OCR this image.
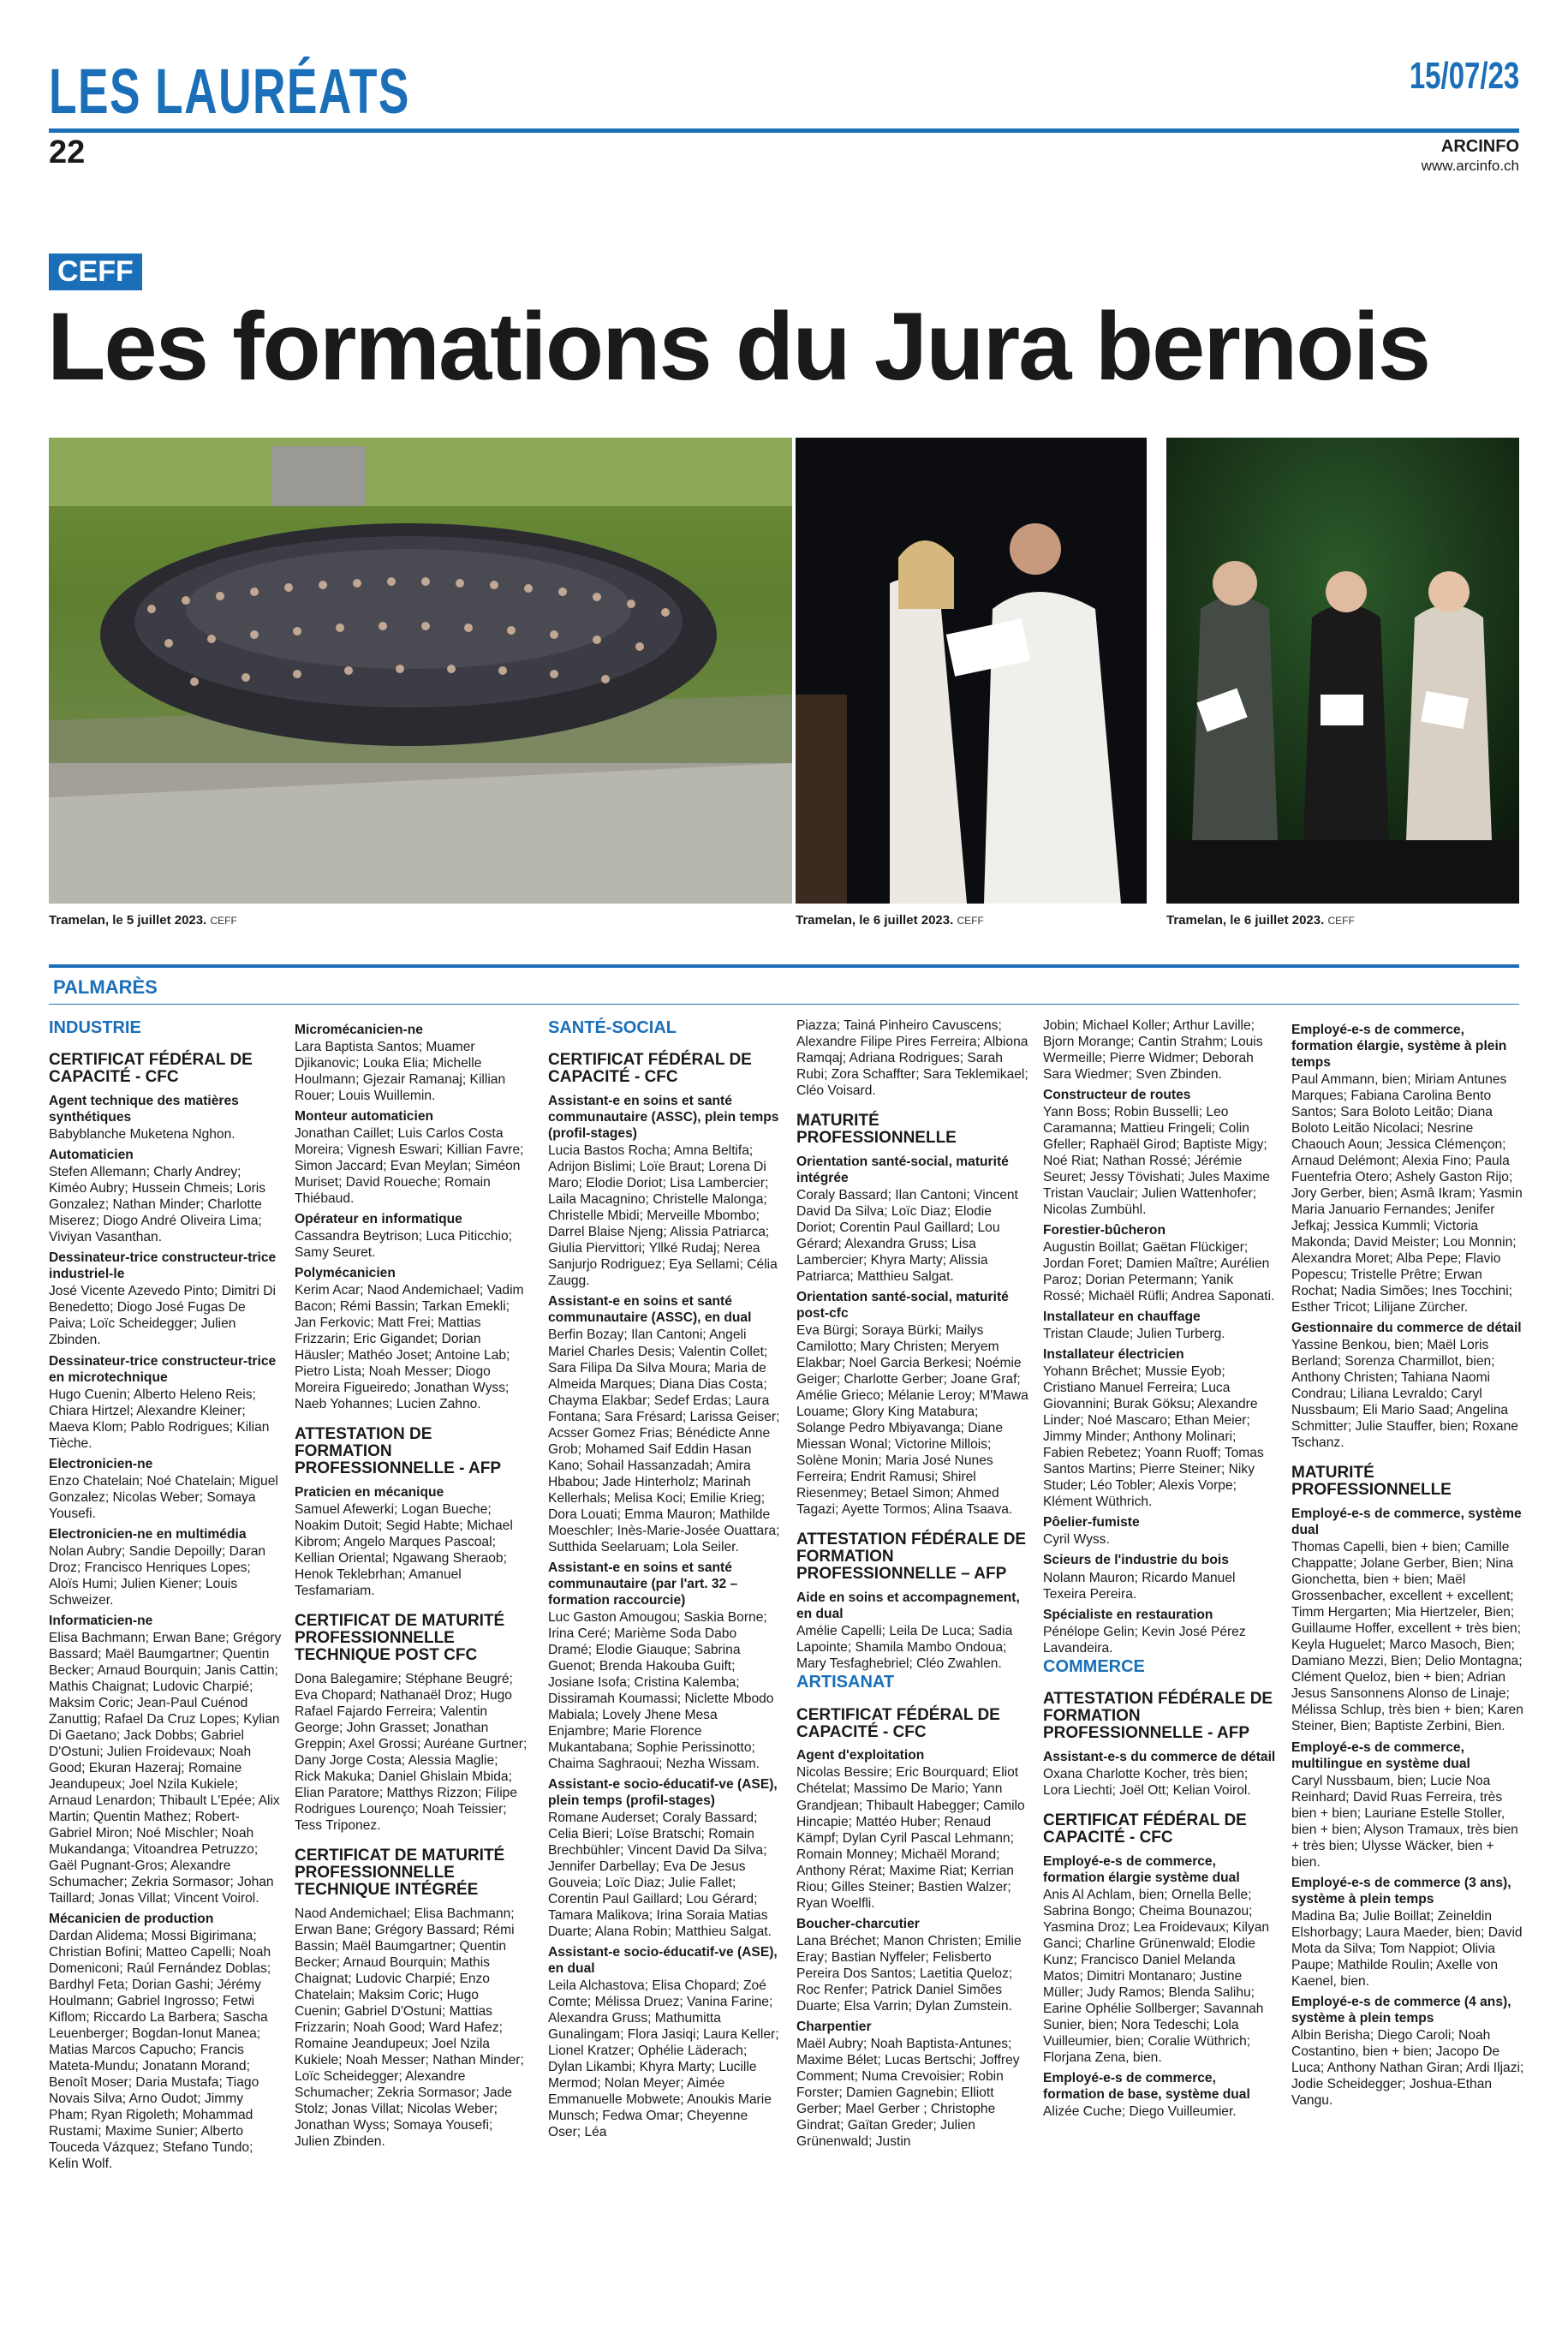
LES LAURÉATS
22
15/07/23
ARCINFO
www.arcinfo.ch
CEFF
Les formations du Jura bernois
Tramelan, le 5 juillet 2023. CEFF	Tramelan, le 6 juillet 2023. CEFF	Tramelan, le 6 juillet 2023. CEFF
PALMARÈS
INDUSTRIE
CERTIFICAT FÉDÉRAL DE CAPACITÉ - CFC
Agent technique des matières synthétiques
Babyblanche Muketena Nghon.
Automaticien
Stefen Allemann; Charly Andrey; Kiméo Aubry; Hussein Chmeis; Loris Gonzalez; Nathan Minder; Charlotte Miserez; Diogo André Oliveira Lima; Viviyan Vasanthan.
Dessinateur-trice constructeur-trice industriel-le
José Vicente Azevedo Pinto; Dimitri Di Benedetto; Diogo José Fugas De Paiva; Loïc Scheidegger; Julien Zbinden.
Dessinateur-trice constructeur-trice en microtechnique
Hugo Cuenin; Alberto Heleno Reis; Chiara Hirtzel; Alexandre Kleiner; Maeva Klom; Pablo Rodrigues; Kilian Tièche.
Electronicien-ne
Enzo Chatelain; Noé Chatelain; Miguel Gonzalez; Nicolas Weber; Somaya Yousefi.
Electronicien-ne en multimédia
Nolan Aubry; Sandie Depoilly; Daran Droz; Francisco Henriques Lopes; Aloïs Humi; Julien Kiener; Louis Schweizer.
Informaticien-ne
Elisa Bachmann; Erwan Bane; Grégory Bassard; Maël Baumgartner; Quentin Becker; Arnaud Bourquin; Janis Cattin; Mathis Chaignat; Ludovic Charpié; Maksim Coric; Jean-Paul Cuénod Zanuttig; Rafael Da Cruz Lopes; Kylian Di Gaetano; Jack Dobbs; Gabriel D'Ostuni; Julien Froidevaux; Noah Good; Ekuran Hazeraj; Romaine Jeandupeux; Joel Nzila Kukiele; Arnaud Lenardon; Thibault L'Epée; Alix Martin; Quentin Mathez; Robert-Gabriel Miron; Noé Mischler; Noah Mukandanga; Vitoandrea Petruzzo; Gaël Pugnant-Gros; Alexandre Schumacher; Zekria Sormasor; Johan Taillard; Jonas Villat; Vincent Voirol.
Mécanicien de production
Dardan Alidema; Mossi Bigirimana; Christian Bofini; Matteo Capelli; Noah Domeniconi; Raúl Fernández Doblas; Bardhyl Feta; Dorian Gashi; Jérémy Houlmann; Gabriel Ingrosso; Fetwi Kiflom; Riccardo La Barbera; Sascha Leuenberger; Bogdan-Ionut Manea; Matias Marcos Capucho; Francis Mateta-Mundu; Jonatann Morand; Benoît Moser; Daria Mustafa; Tiago Novais Silva; Arno Oudot; Jimmy Pham; Ryan Rigoleth; Mohammad Rustami; Maxime Sunier; Alberto Touceda Vázquez; Stefano Tundo; Kelin Wolf.
Micromécanicien-ne
Lara Baptista Santos; Muamer Djikanovic; Louka Elia; Michelle Houlmann; Gjezair Ramanaj; Killian Rouer; Louis Wuillemin.
Monteur automaticien
Jonathan Caillet; Luis Carlos Costa Moreira; Vignesh Eswari; Killian Favre; Simon Jaccard; Evan Meylan; Siméon Muriset; David Roueche; Romain Thiébaud.
Opérateur en informatique
Cassandra Beytrison; Luca Piticchio; Samy Seuret.
Polymécanicien
Kerim Acar; Naod Andemichael; Vadim Bacon; Rémi Bassin; Tarkan Emekli; Jan Ferkovic; Matt Frei; Mattias Frizzarin; Eric Gigandet; Dorian Häusler; Mathéo Joset; Antoine Lab; Pietro Lista; Noah Messer; Diogo Moreira Figueiredo; Jonathan Wyss; Naeb Yohannes; Lucien Zahno.
ATTESTATION DE FORMATION PROFESSIONNELLE - AFP
Praticien en mécanique
Samuel Afewerki; Logan Bueche; Noakim Dutoit; Segid Habte; Michael Kibrom; Angelo Marques Pascoal; Kellian Oriental; Ngawang Sheraob; Henok Teklebrhan; Amanuel Tesfamariam.
CERTIFICAT DE MATURITÉ PROFESSIONNELLE TECHNIQUE POST CFC
Dona Balegamire; Stéphane Beugré; Eva Chopard; Nathanaël Droz; Hugo Rafael Fajardo Ferreira; Valentin George; John Grasset; Jonathan Greppin; Axel Grossi; Auréane Gurtner; Dany Jorge Costa; Alessia Maglie; Rick Makuka; Daniel Ghislain Mbida; Elian Paratore; Matthys Rizzon; Filipe Rodrigues Lourenço; Noah Teissier; Tess Triponez.
CERTIFICAT DE MATURITÉ PROFESSIONNELLE TECHNIQUE INTÉGRÉE
Naod Andemichael; Elisa Bachmann; Erwan Bane; Grégory Bassard; Rémi Bassin; Maël Baumgartner; Quentin Becker; Arnaud Bourquin; Mathis Chaignat; Ludovic Charpié; Enzo Chatelain; Maksim Coric; Hugo Cuenin; Gabriel D'Ostuni; Mattias Frizzarin; Noah Good; Ward Hafez; Romaine Jeandupeux; Joel Nzila Kukiele; Noah Messer; Nathan Minder; Loïc Scheidegger; Alexandre Schumacher; Zekria Sormasor; Jade Stolz; Jonas Villat; Nicolas Weber; Jonathan Wyss; Somaya Yousefi; Julien Zbinden.
SANTÉ-SOCIAL
CERTIFICAT FÉDÉRAL DE CAPACITÉ - CFC
Assistant-e en soins et santé communautaire (ASSC), plein temps (profil-stages)
Lucia Bastos Rocha; Amna Beltifa; Adrijon Bislimi; Loïe Braut; Lorena Di Maro; Elodie Doriot; Lisa Lambercier; Laila Macagnino; Christelle Malonga; Christelle Mbidi; Merveille Mbombo; Darrel Blaise Njeng; Alissia Patriarca; Giulia Piervittori; Yllké Rudaj; Nerea Sanjurjo Rodriguez; Eya Sellami; Célia Zaugg.
Assistant-e en soins et santé communautaire (ASSC), en dual
Berfin Bozay; Ilan Cantoni; Angeli Mariel Charles Desis; Valentin Collet; Sara Filipa Da Silva Moura; Maria de Almeida Marques; Diana Dias Costa; Chayma Elakbar; Sedef Erdas; Laura Fontana; Sara Frésard; Larissa Geiser; Acsser Gomez Frias; Bénédicte Anne Grob; Mohamed Saif Eddin Hasan Kano; Sohail Hassanzadah; Amira Hbabou; Jade Hinterholz; Marinah Kellerhals; Melisa Koci; Emilie Krieg; Dora Louati; Emma Mauron; Mathilde Moeschler; Inès-Marie-Josée Ouattara; Sutthida Seelaruam; Lola Seiler.
Assistant-e en soins et santé communautaire (par l'art. 32 – formation raccourcie)
Luc Gaston Amougou; Saskia Borne; Irina Ceré; Marième Soda Dabo Dramé; Elodie Giauque; Sabrina Guenot; Brenda Hakouba Guift; Josiane Isofa; Cristina Kalemba; Dissiramah Koumassi; Niclette Mbodo Mabiala; Lovely Jhene Mesa Enjambre; Marie Florence Mukantabana; Sophie Perissinotto; Chaima Saghraoui; Nezha Wissam.
Assistant-e socio-éducatif-ve (ASE), plein temps (profil-stages)
Romane Auderset; Coraly Bassard; Celia Bieri; Loïse Bratschi; Romain Brechbühler; Vincent David Da Silva; Jennifer Darbellay; Eva De Jesus Gouveia; Loïc Diaz; Julie Fallet; Corentin Paul Gaillard; Lou Gérard; Tamara Malikova; Irina Soraia Matias Duarte; Alana Robin; Matthieu Salgat.
Assistant-e socio-éducatif-ve (ASE), en dual
Leila Alchastova; Elisa Chopard; Zoé Comte; Mélissa Druez; Vanina Farine; Alexandra Gruss; Mathumitta Gunalingam; Flora Jasiqi; Laura Keller; Lionel Kratzer; Ophélie Läderach; Dylan Likambi; Khyra Marty; Lucille Mermod; Nolan Meyer; Aimée Emmanuelle Mobwete; Anoukis Marie Munsch; Fedwa Omar; Cheyenne Oser; Léa
Piazza; Tainá Pinheiro Cavuscens; Alexandre Filipe Pires Ferreira; Albiona Ramqaj; Adriana Rodrigues; Sarah Rubi; Zora Schaffter; Sara Teklemikael; Cléo Voisard.
MATURITÉ PROFESSIONNELLE
Orientation santé-social, maturité intégrée
Coraly Bassard; Ilan Cantoni; Vincent David Da Silva; Loïc Diaz; Elodie Doriot; Corentin Paul Gaillard; Lou Gérard; Alexandra Gruss; Lisa Lambercier; Khyra Marty; Alissia Patriarca; Matthieu Salgat.
Orientation santé-social, maturité post-cfc
Eva Bürgi; Soraya Bürki; Mailys Camilotto; Mary Christen; Meryem Elakbar; Noel Garcia Berkesi; Noémie Geiger; Charlotte Gerber; Joane Graf; Amélie Grieco; Mélanie Leroy; M'Mawa Louame; Glory King Matabura; Solange Pedro Mbiyavanga; Diane Miessan Wonal; Victorine Millois; Solène Monin; Maria José Nunes Ferreira; Endrit Ramusi; Shirel Riesenmey; Betael Simon; Ahmed Tagazi; Ayette Tormos; Alina Tsaava.
ATTESTATION FÉDÉRALE DE FORMATION PROFESSIONNELLE – AFP
Aide en soins et accompagnement, en dual
Amélie Capelli; Leila De Luca; Sadia Lapointe; Shamila Mambo Ondoua; Mary Tesfaghebriel; Cléo Zwahlen.
ARTISANAT
CERTIFICAT FÉDÉRAL DE CAPACITÉ - CFC
Agent d'exploitation
Nicolas Bessire; Eric Bourquard; Eliot Chételat; Massimo De Mario; Yann Grandjean; Thibault Habegger; Camilo Hincapie; Mattéo Huber; Renaud Kämpf; Dylan Cyril Pascal Lehmann; Romain Monney; Michaël Morand; Anthony Rérat; Maxime Riat; Kerrian Riou; Gilles Steiner; Bastien Walzer; Ryan Woelfli.
Boucher-charcutier
Lana Bréchet; Manon Christen; Emilie Eray; Bastian Nyffeler; Felisberto Pereira Dos Santos; Laetitia Queloz; Roc Renfer; Patrick Daniel Simões Duarte; Elsa Varrin; Dylan Zumstein.
Charpentier
Maël Aubry; Noah Baptista-Antunes; Maxime Bélet; Lucas Bertschi; Joffrey Comment; Numa Crevoisier; Robin Forster; Damien Gagnebin; Elliott Gerber; Mael Gerber ; Christophe Gindrat; Gaïtan Greder; Julien Grünenwald; Justin
Jobin; Michael Koller; Arthur Laville; Bjorn Morange; Cantin Strahm; Louis Wermeille; Pierre Widmer; Deborah Sara Wiedmer; Sven Zbinden.
Constructeur de routes
Yann Boss; Robin Busselli; Leo Caramanna; Mattieu Fringeli; Colin Gfeller; Raphaël Girod; Baptiste Migy; Noé Riat; Nathan Rossé; Jérémie Seuret; Jessy Tövishati; Jules Maxime Tristan Vauclair; Julien Wattenhofer; Nicolas Zumbühl.
Forestier-bûcheron
Augustin Boillat; Gaëtan Flückiger; Jordan Foret; Damien Maître; Aurélien Paroz; Dorian Petermann; Yanik Rossé; Michaël Rüfli; Andrea Saponati.
Installateur en chauffage
Tristan Claude; Julien Turberg.
Installateur électricien
Yohann Brêchet; Mussie Eyob; Cristiano Manuel Ferreira; Luca Giovannini; Burak Göksu; Alexandre Linder; Noé Mascaro; Ethan Meier; Jimmy Minder; Anthony Molinari; Fabien Rebetez; Yoann Ruoff; Tomas Santos Martins; Pierre Steiner; Niky Studer; Léo Tobler; Alexis Vorpe; Klément Wüthrich.
Pôelier-fumiste
Cyril Wyss.
Scieurs de l'industrie du bois
Nolann Mauron; Ricardo Manuel Texeira Pereira.
Spécialiste en restauration
Pénélope Gelin; Kevin José Pérez Lavandeira.
COMMERCE
ATTESTATION FÉDÉRALE DE FORMATION PROFESSIONNELLE - AFP
Assistant-e-s du commerce de détail
Oxana Charlotte Kocher, très bien; Lora Liechti; Joël Ott; Kelian Voirol.
CERTIFICAT FÉDÉRAL DE CAPACITÉ - CFC
Employé-e-s de commerce, formation élargie système dual
Anis Al Achlam, bien; Ornella Belle; Sabrina Bongo; Cheima Bounazou; Yasmina Droz; Lea Froidevaux; Kilyan Ganci; Charline Grünenwald; Elodie Kunz; Francisco Daniel Melanda Matos; Dimitri Montanaro; Justine Müller; Judy Ramos; Blenda Salihu; Earine Ophélie Sollberger; Savannah Sunier, bien; Nora Tedeschi; Lola Vuilleumier, bien; Coralie Wüthrich; Florjana Zena, bien.
Employé-e-s de commerce, formation de base, système dual
Alizée Cuche; Diego Vuilleumier.
Employé-e-s de commerce, formation élargie, système à plein temps
Paul Ammann, bien; Miriam Antunes Marques; Fabiana Carolina Bento Santos; Sara Boloto Leitão; Diana Boloto Leitão Nicolaci; Nesrine Chaouch Aoun; Jessica Clémençon; Arnaud Delémont; Alexia Fino; Paula Fuentefria Otero; Ashely Gaston Rijo; Jory Gerber, bien; Asmâ Ikram; Yasmin Maria Januario Fernandes; Jenifer Jefkaj; Jessica Kummli; Victoria Makonda; David Meister; Lou Monnin; Alexandra Moret; Alba Pepe; Flavio Popescu; Tristelle Prêtre; Erwan Rochat; Nadia Simões; Ines Tocchini; Esther Tricot; Lilijane Zürcher.
Gestionnaire du commerce de détail
Yassine Benkou, bien; Maël Loris Berland; Sorenza Charmillot, bien; Anthony Christen; Tahiana Naomi Condrau; Liliana Levraldo; Caryl Nussbaum; Eli Mario Saad; Angelina Schmitter; Julie Stauffer, bien; Roxane Tschanz.
MATURITÉ PROFESSIONNELLE
Employé-e-s de commerce, système dual
Thomas Capelli, bien + bien; Camille Chappatte; Jolane Gerber, Bien; Nina Gionchetta, bien + bien; Maël Grossenbacher, excellent + excellent; Timm Hergarten; Mia Hiertzeler, Bien; Guillaume Hoffer, excellent + très bien; Keyla Huguelet; Marco Masoch, Bien; Damiano Mezzi, Bien; Delio Montagna; Clément Queloz, bien + bien; Adrian Jesus Sansonnens Alonso de Linaje; Mélissa Schlup, très bien + bien; Karen Steiner, Bien; Baptiste Zerbini, Bien.
Employé-e-s de commerce, multilingue en système dual
Caryl Nussbaum, bien; Lucie Noa Reinhard; David Ruas Ferreira, très bien + bien; Lauriane Estelle Stoller, bien + bien; Alyson Tramaux, très bien + très bien; Ulysse Wäcker, bien + bien.
Employé-e-s de commerce (3 ans), système à plein temps
Madina Ba; Julie Boillat; Zeineldin Elshorbagy; Laura Maeder, bien; David Mota da Silva; Tom Nappiot; Olivia Paupe; Mathilde Roulin; Axelle von Kaenel, bien.
Employé-e-s de commerce (4 ans), système à plein temps
Albin Berisha; Diego Caroli; Noah Costantino, bien + bien; Jacopo De Luca; Anthony Nathan Giran; Ardi Iljazi; Jodie Scheidegger; Joshua-Ethan Vangu.
